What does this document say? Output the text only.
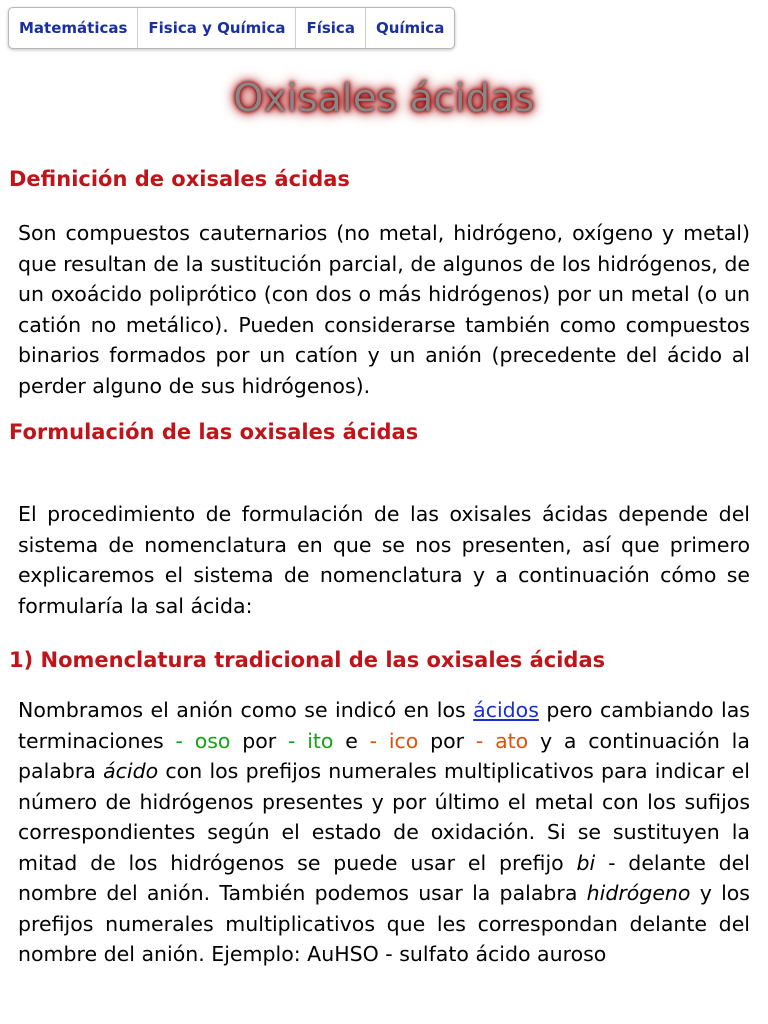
Matemáticas	Fisica y Química	Física	Química
Oxisales ácidas
Definición de oxisales ácidas

Son compuestos cauternarios (no metal, hidrógeno, oxígeno y metal) que resultan de la sustitución parcial, de algunos de los hidrógenos, de un oxoácido poliprótico (con dos o más hidrógenos) por un metal (o un catión no metálico). Pueden considerarse también como compuestos binarios formados por un catíon y un anión (precedente del ácido al perder alguno de sus hidrógenos).

Formulación de las oxisales ácidas

El procedimiento de formulación de las oxisales ácidas depende del sistema de nomenclatura en que se nos presenten, así que primero explicaremos el sistema de nomenclatura y a continuación cómo se formularía la sal ácida:

1) Nomenclatura tradicional de las oxisales ácidas

Nombramos el anión como se indicó en los ácidos pero cambiando las terminaciones - oso por - ito e - ico por - ato y a continuación la palabra ácido con los prefijos numerales multiplicativos para indicar el número de hidrógenos presentes y por último el metal con los sufijos correspondientes según el estado de oxidación. Si se sustituyen la mitad de los hidrógenos se puede usar el prefijo bi - delante del nombre del anión. También podemos usar la palabra hidrógeno y los prefijos numerales multiplicativos que les correspondan delante del nombre del anión. Ejemplo: AuHSO - sulfato ácido auroso
